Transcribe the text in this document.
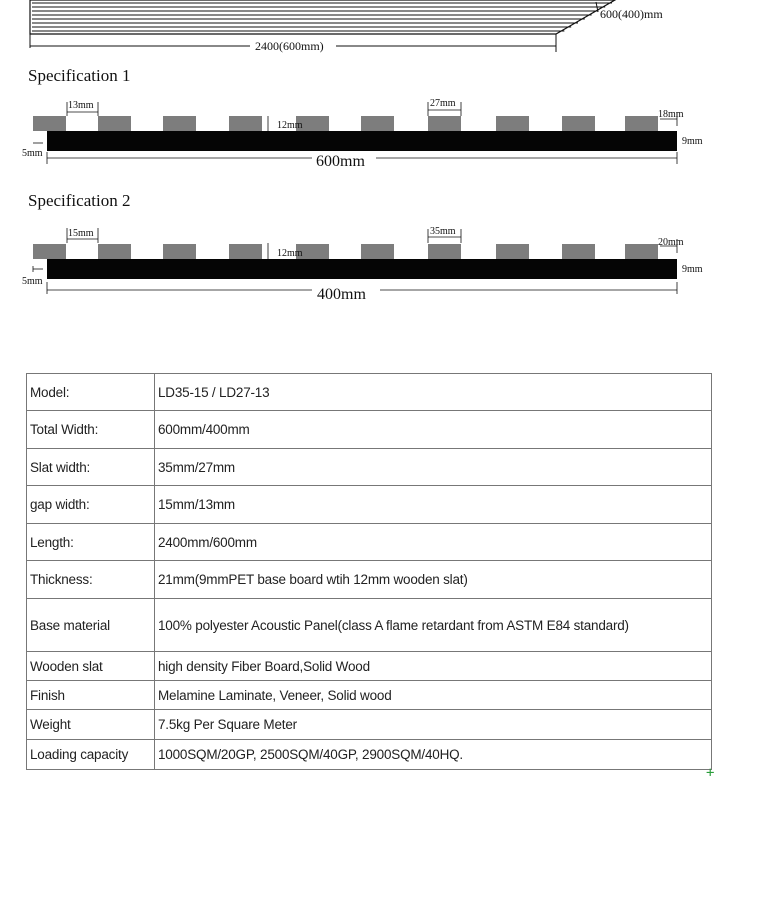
2400(600mm)
600(400)mm
13mm	27mm
18mm
12mm
9mm
5mm	600mm
15mm	35mm
20mm
12mm
9mm
5mm
400mm
Specification 1
Specification 2
Model:	LD35-15 / LD27-13
Total Width:	600mm/400mm
Slat width:	35mm/27mm
gap width:	15mm/13mm
Length:	2400mm/600mm
Thickness:	21mm(9mmPET base board wtih 12mm wooden slat)
Base material	100% polyester Acoustic Panel(class A flame retardant from ASTM E84 standard)
Wooden slat	high density Fiber Board,Solid Wood
Finish	Melamine Laminate, Veneer, Solid wood
Weight	7.5kg Per Square Meter
Loading capacity	1000SQM/20GP, 2500SQM/40GP, 2900SQM/40HQ.
+
